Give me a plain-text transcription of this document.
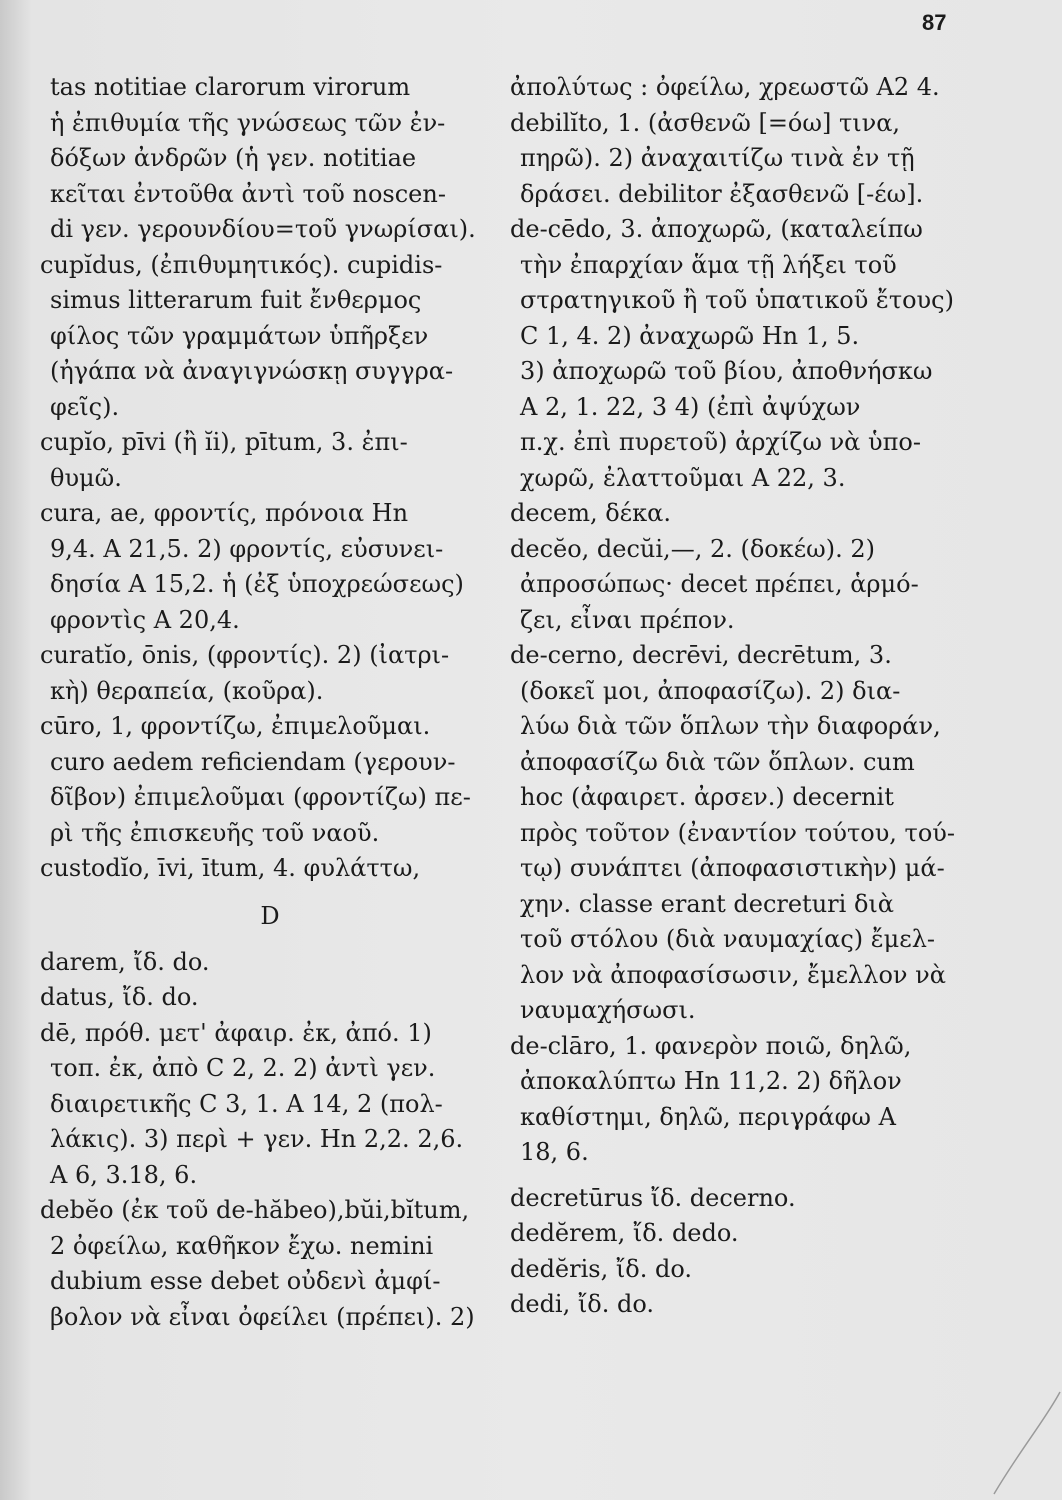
87
tas notitiae clarorum virorum
ἡ ἐπιθυμία τῆς γνώσεως τῶν ἐν-
δόξων ἀνδρῶν (ἡ γεν. notitiae
κεῖται ἐντοῦθα ἀντὶ τοῦ noscen-
di γεν. γερουνδίου=τοῦ γνωρίσαι).
cupĭdus, (ἐπιθυμητικός). cupidis-
simus litterarum fuit ἔνθερμος
φίλος τῶν γραμμάτων ὑπῆρξεν
(ἠγάπα νὰ ἀναγιγνώσκῃ συγγρα-
φεῖς).
cupĭo, pīvi (ἢ ĭi), pītum, 3. ἐπι-
θυμῶ.
cura, ae, φροντίς, πρόνοια Hn
9,4. A 21,5. 2) φροντίς, εὐσυνει-
δησία A 15,2. ἡ (ἐξ ὑποχρεώσεως)
φροντὶς A 20,4.
curatĭo, ōnis, (φροντίς). 2) (ἰατρι-
κὴ) θεραπεία, (κοῦρα).
cūro, 1, φροντίζω, ἐπιμελοῦμαι.
curo aedem reficiendam (γερουν-
δῖβον) ἐπιμελοῦμαι (φροντίζω) πε-
ρὶ τῆς ἐπισκευῆς τοῦ ναοῦ.
custodĭo, īvi, ītum, 4. φυλάττω,
D
darem, ἴδ. do.
datus, ἴδ. do.
dē, πρόθ. μετ' ἀφαιρ. ἐκ, ἀπό. 1)
τοπ. ἐκ, ἀπὸ C 2, 2. 2) ἀντὶ γεν.
διαιρετικῆς C 3, 1. A 14, 2 (πολ-
λάκις). 3) περὶ + γεν. Hn 2,2. 2,6.
A 6, 3.18, 6.
debĕo (ἐκ τοῦ de-hăbeo),bŭi,bĭtum,
2 ὀφείλω, καθῆκον ἔχω. nemini
dubium esse debet οὐδενὶ ἀμφί-
βολον νὰ εἶναι ὀφείλει (πρέπει). 2)
ἀπολύτως : ὀφείλω, χρεωστῶ A2 4.
debilĭto, 1. (ἀσθενῶ [=όω] τινα,
πηρῶ). 2) ἀναχαιτίζω τινὰ ἐν τῇ
δράσει. debilitor ἐξασθενῶ [-έω].
de-cēdo, 3. ἀποχωρῶ, (καταλείπω
τὴν ἐπαρχίαν ἅμα τῇ λήξει τοῦ
στρατηγικοῦ ἢ τοῦ ὑπατικοῦ ἔτους)
C 1, 4. 2) ἀναχωρῶ Hn 1, 5.
3) ἀποχωρῶ τοῦ βίου, ἀποθνήσκω
A 2, 1. 22, 3 4) (ἐπὶ ἀψύχων
π.χ. ἐπὶ πυρετοῦ) ἀρχίζω νὰ ὑπο-
χωρῶ, ἐλαττοῦμαι A 22, 3.
decem, δέκα.
decĕo, decŭi,—, 2. (δοκέω). 2)
ἀπροσώπως· decet πρέπει, ἁρμό-
ζει, εἶναι πρέπον.
de-cerno, decrēvi, decrētum, 3.
(δοκεῖ μοι, ἀποφασίζω). 2) δια-
λύω διὰ τῶν ὅπλων τὴν διαφοράν,
ἀποφασίζω διὰ τῶν ὅπλων. cum
hoc (ἀφαιρετ. ἀρσεν.) decernit
πρὸς τοῦτον (ἐναντίον τούτου, τού-
τῳ) συνάπτει (ἀποφασιστικὴν) μά-
χην. classe erant decreturi διὰ
τοῦ στόλου (διὰ ναυμαχίας) ἔμελ-
λον νὰ ἀποφασίσωσιν, ἔμελλον νὰ
ναυμαχήσωσι.
de-clāro, 1. φανερὸν ποιῶ, δηλῶ,
ἀποκαλύπτω Hn 11,2. 2) δῆλον
καθίστημι, δηλῶ, περιγράφω A
18, 6.
decretūrus ἴδ. decerno.
dedĕrem, ἴδ. dedo.
dedĕris, ἴδ. do.
dedi, ἴδ. do.
